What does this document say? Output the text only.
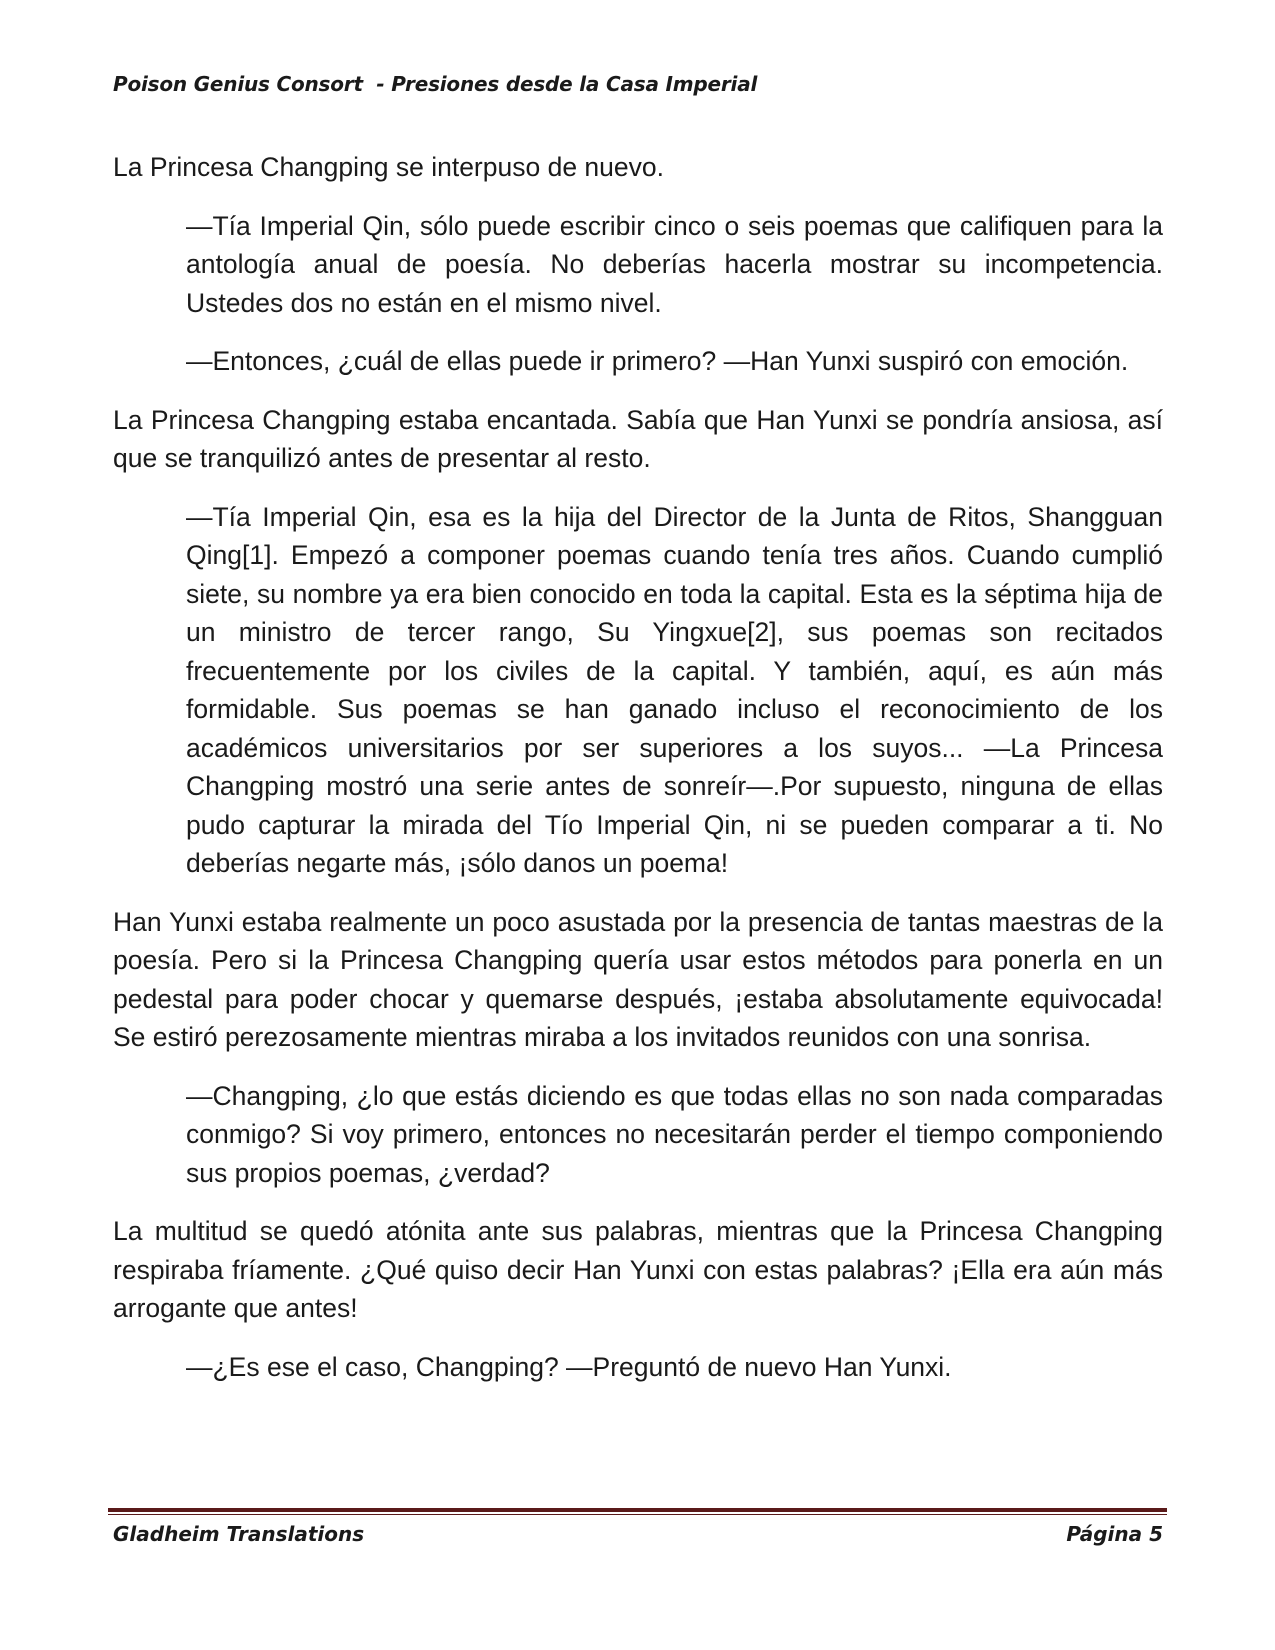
Poison Genius Consort  - Presiones desde la Casa Imperial

La Princesa Changping se interpuso de nuevo.

—Tía Imperial Qin, sólo puede escribir cinco o seis poemas que califiquen para la antología anual de poesía. No deberías hacerla mostrar su incompetencia. Ustedes dos no están en el mismo nivel.

—Entonces, ¿cuál de ellas puede ir primero? —Han Yunxi suspiró con emoción.

La Princesa Changping estaba encantada. Sabía que Han Yunxi se pondría ansiosa, así que se tranquilizó antes de presentar al resto.

—Tía Imperial Qin, esa es la hija del Director de la Junta de Ritos, Shangguan Qing[1]. Empezó a componer poemas cuando tenía tres años. Cuando cumplió siete, su nombre ya era bien conocido en toda la capital. Esta es la séptima hija de un ministro de tercer rango, Su Yingxue[2], sus poemas son recitados frecuentemente por los civiles de la capital. Y también, aquí, es aún más formidable. Sus poemas se han ganado incluso el reconocimiento de los académicos universitarios por ser superiores a los suyos... —La Princesa Changping mostró una serie antes de sonreír—.Por supuesto, ninguna de ellas pudo capturar la mirada del Tío Imperial Qin, ni se pueden comparar a ti. No deberías negarte más, ¡sólo danos un poema!

Han Yunxi estaba realmente un poco asustada por la presencia de tantas maestras de la poesía. Pero si la Princesa Changping quería usar estos métodos para ponerla en un pedestal para poder chocar y quemarse después, ¡estaba absolutamente equivocada! Se estiró perezosamente mientras miraba a los invitados reunidos con una sonrisa.

—Changping, ¿lo que estás diciendo es que todas ellas no son nada comparadas conmigo? Si voy primero, entonces no necesitarán perder el tiempo componiendo sus propios poemas, ¿verdad?

La multitud se quedó atónita ante sus palabras, mientras que la Princesa Changping respiraba fríamente. ¿Qué quiso decir Han Yunxi con estas palabras? ¡Ella era aún más arrogante que antes!

—¿Es ese el caso, Changping? —Preguntó de nuevo Han Yunxi.

Gladheim Translations	Página 5
